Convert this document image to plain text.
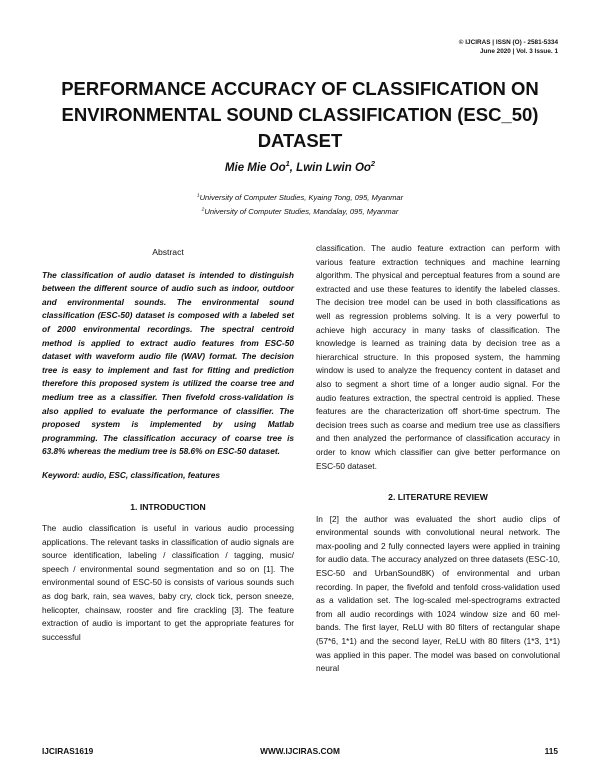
© IJCIRAS | ISSN (O) - 2581-5334
June 2020 | Vol. 3 Issue. 1
PERFORMANCE ACCURACY OF CLASSIFICATION ON ENVIRONMENTAL SOUND CLASSIFICATION (ESC_50) DATASET
Mie Mie Oo$^1$, Lwin Lwin Oo$^2$
$^1$University of Computer Studies, Kyaing Tong, 095, Myanmar
$^2$University of Computer Studies, Mandalay, 095, Myanmar
Abstract

The classification of audio dataset is intended to distinguish between the different source of audio such as indoor, outdoor and environmental sounds. The environmental sound classification (ESC-50) dataset is composed with a labeled set of 2000 environmental recordings. The spectral centroid method is applied to extract audio features from ESC-50 dataset with waveform audio file (WAV) format. The decision tree is easy to implement and fast for fitting and prediction therefore this proposed system is utilized the coarse tree and medium tree as a classifier. Then fivefold cross-validation is also applied to evaluate the performance of classifier. The proposed system is implemented by using Matlab programming. The classification accuracy of coarse tree is 63.8% whereas the medium tree is 58.6% on ESC-50 dataset.

Keyword: audio, ESC, classification, features

1. INTRODUCTION

The audio classification is useful in various audio processing applications. The relevant tasks in classification of audio signals are source identification, labeling / classification / tagging, music/ speech / environmental sound segmentation and so on [1]. The environmental sound of ESC-50 is consists of various sounds such as dog bark, rain, sea waves, baby cry, clock tick, person sneeze, helicopter, chainsaw, rooster and fire crackling [3]. The feature extraction of audio is important to get the appropriate features for successful

classification. The audio feature extraction can perform with various feature extraction techniques and machine learning algorithm. The physical and perceptual features from a sound are extracted and use these features to identify the labeled classes. The decision tree model can be used in both classifications as well as regression problems solving. It is a very powerful to achieve high accuracy in many tasks of classification. The knowledge is learned as training data by decision tree as a hierarchical structure. In this proposed system, the hamming window is used to analyze the frequency content in dataset and also to segment a short time of a longer audio signal. For the audio features extraction, the spectral centroid is applied. These features are the characterization off short-time spectrum. The decision trees such as coarse and medium tree use as classifiers and then analyzed the performance of classification accuracy in order to know which classifier can give better performance on ESC-50 dataset.

2. LITERATURE REVIEW

In [2] the author was evaluated the short audio clips of environmental sounds with convolutional neural network. The max-pooling and 2 fully connected layers were applied in training for audio data. The accuracy analyzed on three datasets (ESC-10, ESC-50 and UrbanSound8K) of environmental and urban recording. In paper, the fivefold and tenfold cross-validation used as a validation set. The log-scaled mel-spectrograms extracted from all audio recordings with 1024 window size and 60 mel-bands. The first layer, ReLU with 80 filters of rectangular shape (57*6, 1*1) and the second layer, ReLU with 80 filters (1*3, 1*1) was applied in this paper. The model was based on convolutional neural

IJCIRAS1619	WWW.IJCIRAS.COM	115
